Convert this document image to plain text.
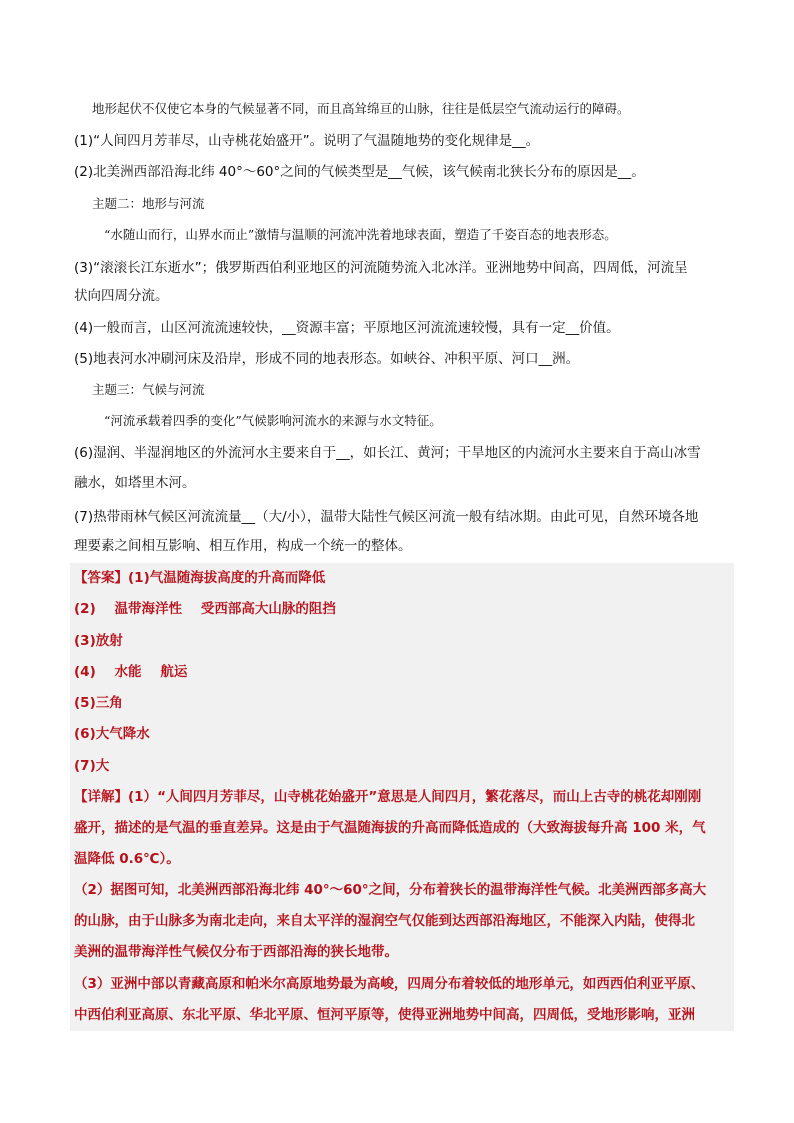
地形起伏不仅使它本身的气候显著不同，而且高耸绵亘的山脉，往往是低层空气流动运行的障碍。
(1)“人间四月芳菲尽，山寺桃花始盛开”。说明了气温随地势的变化规律是__。
(2)北美洲西部沿海北纬 40°～60°之间的气候类型是__气候，该气候南北狭长分布的原因是__。
主题二：地形与河流
“水随山而行，山界水而止”激情与温顺的河流冲洗着地球表面，塑造了千姿百态的地表形态。
(3)“滚滚长江东逝水”；俄罗斯西伯利亚地区的河流随势流入北冰洋。亚洲地势中间高，四周低，河流呈
状向四周分流。
(4)一般而言，山区河流流速较快，__资源丰富；平原地区河流流速较慢，具有一定__价值。
(5)地表河水冲刷河床及沿岸，形成不同的地表形态。如峡谷、冲积平原、河口__洲。
主题三：气候与河流
“河流承载着四季的变化”气候影响河流水的来源与水文特征。
(6)湿润、半湿润地区的外流河水主要来自于__，如长江、黄河；干旱地区的内流河水主要来自于高山冰雪
融水，如塔里木河。
(7)热带雨林气候区河流流量__（大/小），温带大陆性气候区河流一般有结冰期。由此可见，自然环境各地
理要素之间相互影响、相互作用，构成一个统一的整体。
【答案】(1)气温随海拔高度的升高而降低
(2)    温带海洋性    受西部高大山脉的阻挡
(3)放射
(4)    水能    航运
(5)三角
(6)大气降水
(7)大
【详解】(1）“人间四月芳菲尽，山寺桃花始盛开”意思是人间四月，繁花落尽，而山上古寺的桃花却刚刚
盛开，描述的是气温的垂直差异。这是由于气温随海拔的升高而降低造成的（大致海拔每升高 100 米，气
温降低 0.6℃）。
（2）据图可知，北美洲西部沿海北纬 40°～60°之间，分布着狭长的温带海洋性气候。北美洲西部多高大
的山脉，由于山脉多为南北走向，来自太平洋的湿润空气仅能到达西部沿海地区，不能深入内陆，使得北
美洲的温带海洋性气候仅分布于西部沿海的狭长地带。
（3）亚洲中部以青藏高原和帕米尔高原地势最为高峻，四周分布着较低的地形单元，如西西伯利亚平原、
中西伯利亚高原、东北平原、华北平原、恒河平原等，使得亚洲地势中间高，四周低，受地形影响，亚洲
